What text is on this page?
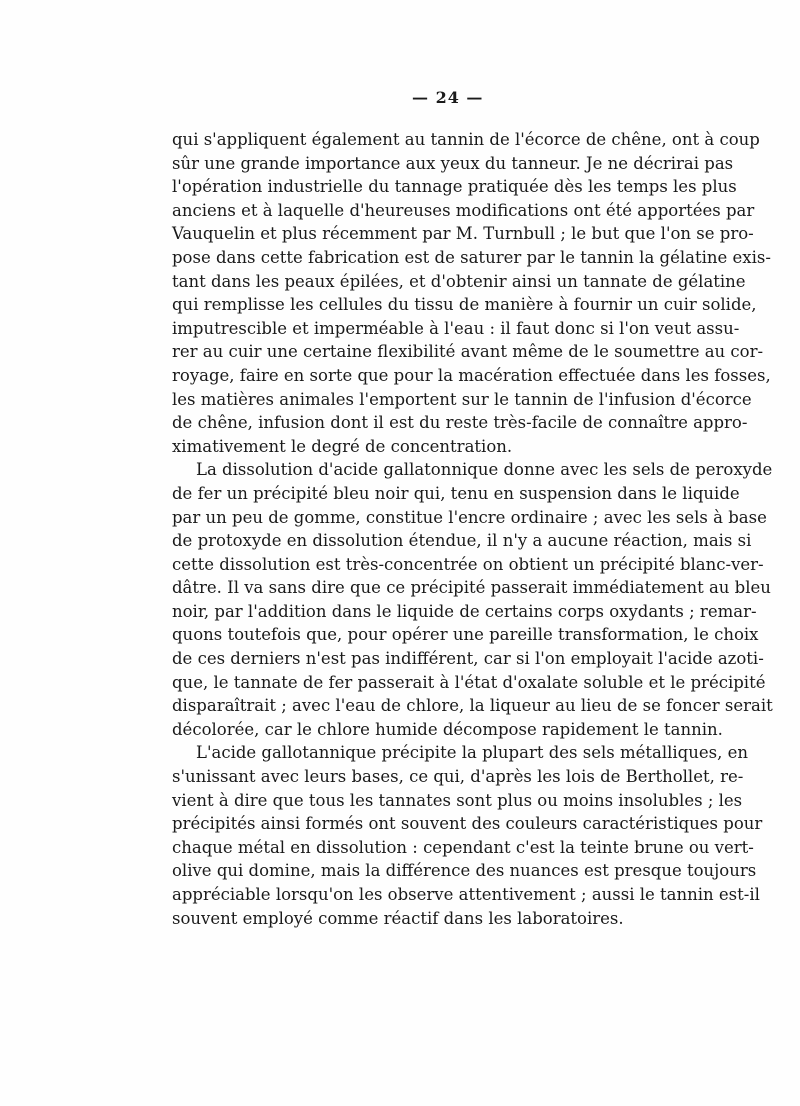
— 24 —
qui s'appliquent également au tannin de l'écorce de chêne, ont à coup
sûr une grande importance aux yeux du tanneur. Je ne décrirai pas
l'opération industrielle du tannage pratiquée dès les temps les plus
anciens et à laquelle d'heureuses modifications ont été apportées par
Vauquelin et plus récemment par M. Turnbull ; le but que l'on se pro-
pose dans cette fabrication est de saturer par le tannin la gélatine exis-
tant dans les peaux épilées, et d'obtenir ainsi un tannate de gélatine
qui remplisse les cellules du tissu de manière à fournir un cuir solide,
imputrescible et imperméable à l'eau : il faut donc si l'on veut assu-
rer au cuir une certaine flexibilité avant même de le soumettre au cor-
royage, faire en sorte que pour la macération effectuée dans les fosses,
les matières animales l'emportent sur le tannin de l'infusion d'écorce
de chêne, infusion dont il est du reste très-facile de connaître appro-
ximativement le degré de concentration.
La dissolution d'acide gallatonnique donne avec les sels de peroxyde
de fer un précipité bleu noir qui, tenu en suspension dans le liquide
par un peu de gomme, constitue l'encre ordinaire ; avec les sels à base
de protoxyde en dissolution étendue, il n'y a aucune réaction, mais si
cette dissolution est très-concentrée on obtient un précipité blanc-ver-
dâtre. Il va sans dire que ce précipité passerait immédiatement au bleu
noir, par l'addition dans le liquide de certains corps oxydants ; remar-
quons toutefois que, pour opérer une pareille transformation, le choix
de ces derniers n'est pas indifférent, car si l'on employait l'acide azoti-
que, le tannate de fer passerait à l'état d'oxalate soluble et le précipité
disparaîtrait ; avec l'eau de chlore, la liqueur au lieu de se foncer serait
décolorée, car le chlore humide décompose rapidement le tannin.
L'acide gallotannique précipite la plupart des sels métalliques, en
s'unissant avec leurs bases, ce qui, d'après les lois de Berthollet, re-
vient à dire que tous les tannates sont plus ou moins insolubles ; les
précipités ainsi formés ont souvent des couleurs caractéristiques pour
chaque métal en dissolution : cependant c'est la teinte brune ou vert-
olive qui domine, mais la différence des nuances est presque toujours
appréciable lorsqu'on les observe attentivement ; aussi le tannin est-il
souvent employé comme réactif dans les laboratoires.
